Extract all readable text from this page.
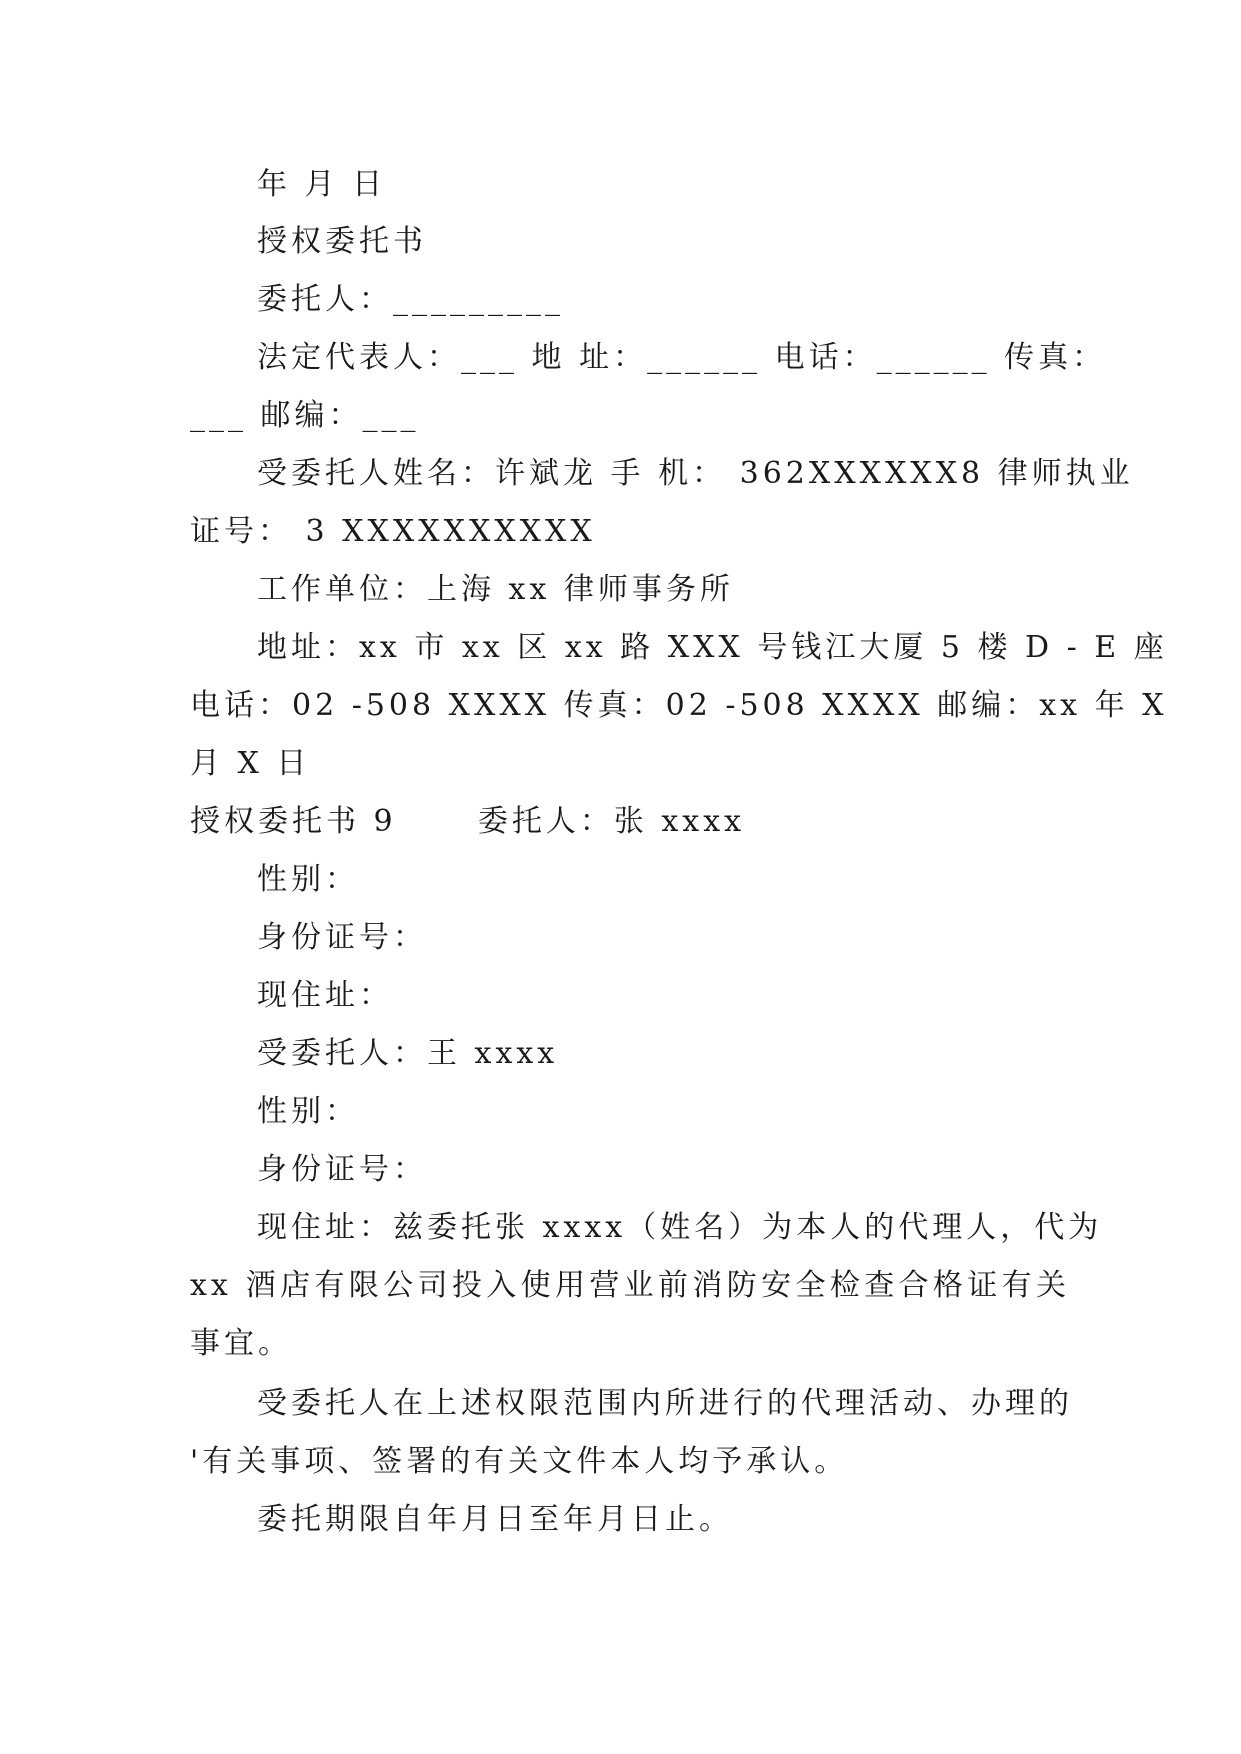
年 月 日
授权委托书
委托人：_________
法定代表人：___ 地 址：______ 电话：______ 传真：
___ 邮编：___
受委托人姓名：许斌龙 手 机： 362XXXXXX8 律师执业
证号： 3 XXXXXXXXXX
工作单位：上海 xx 律师事务所
地址：xx 市 xx 区 xx 路 XXX 号钱江大厦 5 楼 D - E 座
电话：02 -508 XXXX 传真：02 -508 XXXX 邮编：xx 年 X
月 X 日
授权委托书 9      委托人：张 xxxx
性别：
身份证号：
现住址：
受委托人：王 xxxx
性别：
身份证号：
现住址：兹委托张 xxxx（姓名）为本人的代理人，代为
xx 酒店有限公司投入使用营业前消防安全检查合格证有关
事宜。
受委托人在上述权限范围内所进行的代理活动、办理的
'有关事项、签署的有关文件本人均予承认。
委托期限自年月日至年月日止。
